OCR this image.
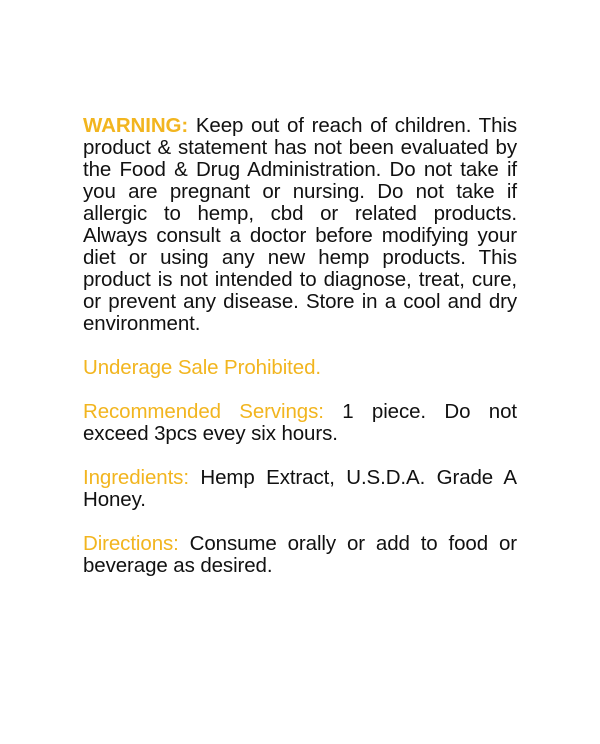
WARNING: Keep out of reach of children. This product & statement has not been evaluated by the Food & Drug Administration. Do not take if you are pregnant or nursing. Do not take if allergic to hemp, cbd or related products. Always consult a doctor before modifying your diet or using any new hemp products. This product is not intended to diagnose, treat, cure, or prevent any disease. Store in a cool and dry environment.

Underage Sale Prohibited.

Recommended Servings: 1 piece. Do not exceed 3pcs evey six hours.

Ingredients: Hemp Extract, U.S.D.A. Grade A Honey.

Directions: Consume orally or add to food or beverage as desired.
